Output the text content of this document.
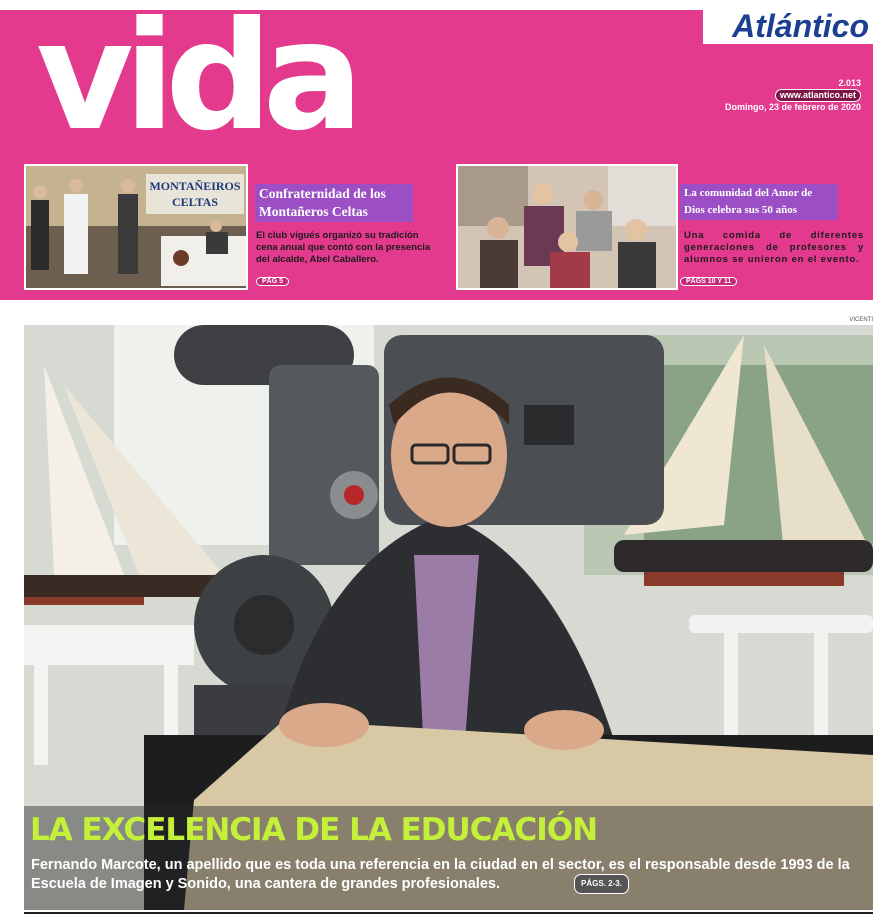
vida	Atlántico
2.013
www.atlantico.net
Domingo, 23 de febrero de 2020
MONTAÑEIROS
CELTAS
Confraternidad de los Montañeros Celtas
El club vigués organizó su tradición cena anual que contó con la presencia del alcalde, Abel Caballero.
PÁG 5
La comunidad del Amor de Dios celebra sus 50 años
Una comida de diferentes generaciones de profesores y alumnos se unieron en el evento.
PÁGS 10 Y 11
VICENTI
LA EXCELENCIA DE LA EDUCACIÓN
Fernando Marcote, un apellido que es toda una referencia en la ciudad en el sector, es el responsable desde 1993 de la Escuela de Imagen y Sonido, una cantera de grandes profesionales.	PÁGS. 2-3.
